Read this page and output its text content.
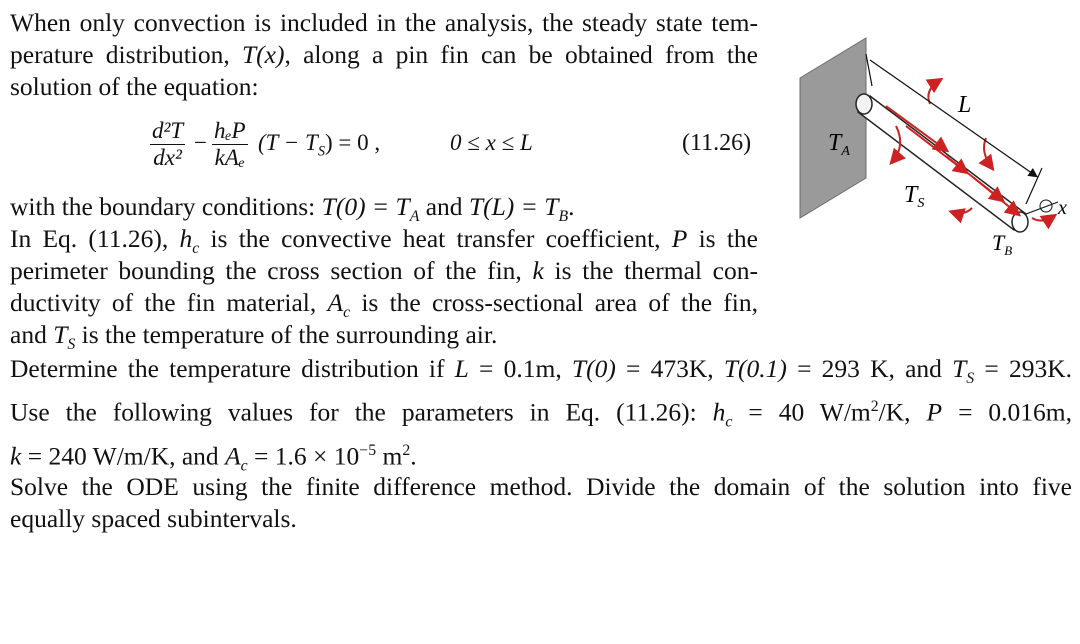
When only convection is included in the analysis, the steady state tem-
perature distribution, T(x), along a pin fin can be obtained from the
solution of the equation:
$\frac{\text{d²T}}{\text{dx²}} - h_eP$
kAₑ
$(T - T_S) = 0$ ,	0 ≤ x ≤ L	(11.26)
with the boundary conditions: $T(0) = T_A$ and $T(L) = T_B$.
In Eq. (11.26), $h_c$ is the convective heat transfer coefficient, P is the
perimeter bounding the cross section of the fin, k is the thermal con-
ductivity of the fin material, $A_c$ is the cross-sectional area of the fin,
and $T_S$ is the temperature of the surrounding air.
Determine the temperature distribution if L = 0.1m, T(0) = 473K, T(0.1) = 293 K, and $T_S = 293K$.
Use the following values for the parameters in Eq. (11.26): $h_c = 40$ $W/m^2/K$, P = 0.016m,
k = 240 W/m/K, and $A_c = 1.6 \times 10^{-5}$ $m^2$.
Solve the ODE using the finite difference method. Divide the domain of the solution into five
equally spaced subintervals.
$T_A$
$T_S$
$T_B$
L
x
